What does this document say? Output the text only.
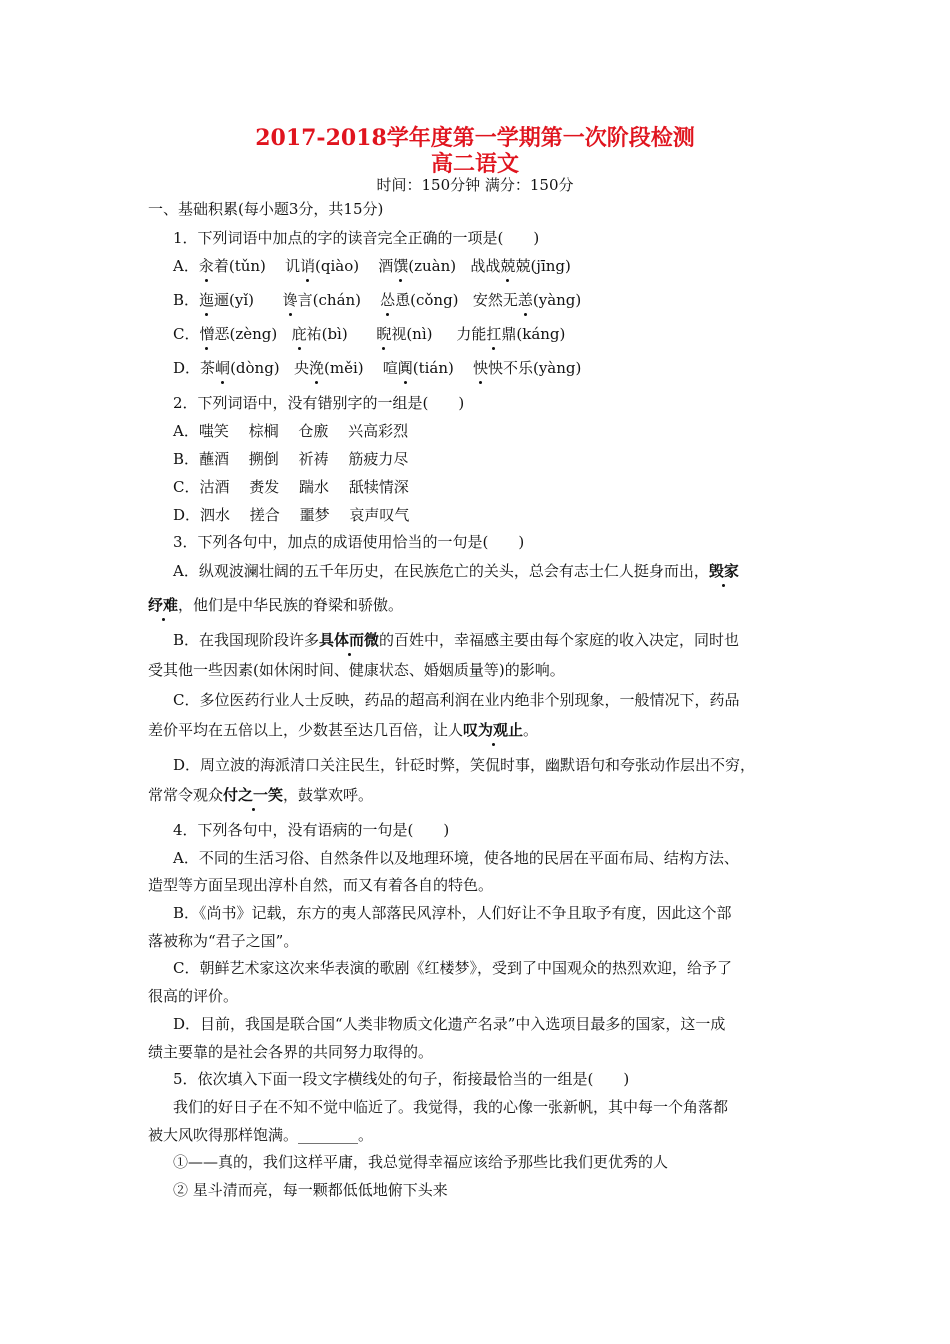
2017-2018学年度第一学期第一次阶段检测
高二语文
时间：150分钟 满分：150分
一、基础积累(每小题3分，共15分)
1．下列词语中加点的字的读音完全正确的一项是(　　)
A．汆着(tǔn) 讥诮(qiào) 酒馔(zuàn) 战战兢兢(jīng)
B．迤逦(yǐ) 谗言(chán) 怂恿(cǒng) 安然无恙(yàng)
C．憎恶(zèng) 庇祐(bì) 睨视(nì) 力能扛鼎(káng)
D．茶峒(dòng) 央浼(měi) 喧阗(tián) 怏怏不乐(yàng)
2．下列词语中，没有错别字的一组是(　　)
A．嗤笑　 棕榈　 仓廒　 兴高彩烈
B．蘸酒　 搠倒　 祈祷　 筋疲力尽
C．沽酒　 赉发　 踹水　 舐犊情深
D．泗水　 搓合　 噩梦　 哀声叹气
3．下列各句中，加点的成语使用恰当的一句是(　　)
A．纵观波澜壮阔的五千年历史，在民族危亡的关头，总会有志士仁人挺身而出，毁家
纾难，他们是中华民族的脊梁和骄傲。
B．在我国现阶段许多具体而微的百姓中，幸福感主要由每个家庭的收入决定，同时也
受其他一些因素(如休闲时间、健康状态、婚姻质量等)的影响。
C．多位医药行业人士反映，药品的超高利润在业内绝非个别现象，一般情况下，药品
差价平均在五倍以上，少数甚至达几百倍，让人叹为观止。
D．周立波的海派清口关注民生，针砭时弊，笑侃时事，幽默语句和夸张动作层出不穷，
常常令观众付之一笑，鼓掌欢呼。
4．下列各句中，没有语病的一句是(　　)
A．不同的生活习俗、自然条件以及地理环境，使各地的民居在平面布局、结构方法、
造型等方面呈现出淳朴自然，而又有着各自的特色。
B．《尚书》记载，东方的夷人部落民风淳朴，人们好让不争且取予有度，因此这个部
落被称为“君子之国”。
C．朝鲜艺术家这次来华表演的歌剧《红楼梦》，受到了中国观众的热烈欢迎，给予了
很高的评价。
D．目前，我国是联合国“人类非物质文化遗产名录”中入选项目最多的国家，这一成
绩主要靠的是社会各界的共同努力取得的。
5．依次填入下面一段文字横线处的句子，衔接最恰当的一组是(　　)
我们的好日子在不知不觉中临近了。我觉得，我的心像一张新帆，其中每一个角落都
被大风吹得那样饱满。________。
①——真的，我们这样平庸，我总觉得幸福应该给予那些比我们更优秀的人
② 星斗清而亮，每一颗都低低地俯下头来
